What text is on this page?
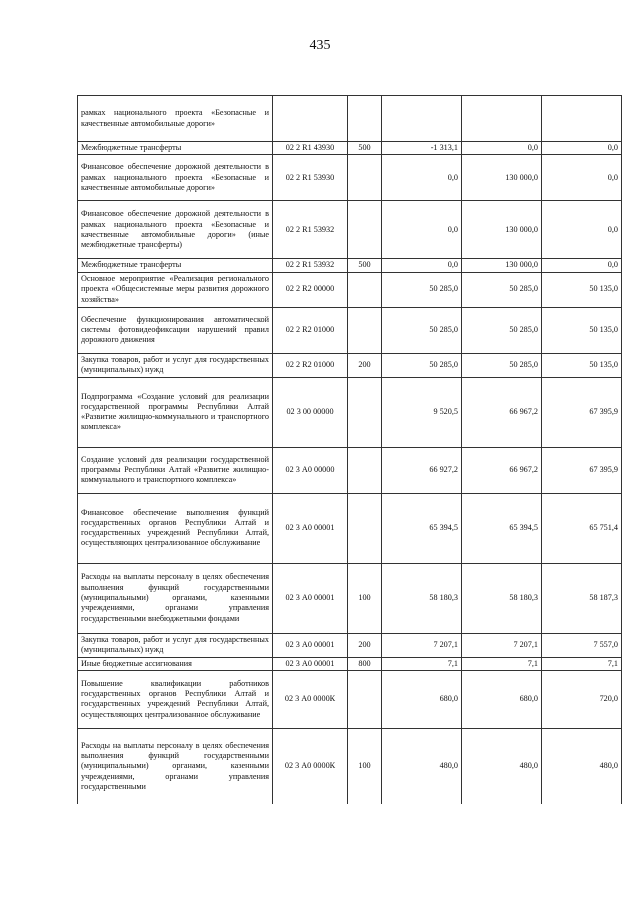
435
рамках национального проекта «Безопасные и качественные автомобильные дороги»					
Межбюджетные трансферты	02 2 R1 43930	500	-1 313,1	0,0	0,0
Финансовое обеспечение дорожной деятельности в рамках национального проекта «Безопасные и качественные автомобильные дороги»	02 2 R1 53930		0,0	130 000,0	0,0
Финансовое обеспечение дорожной деятельности в рамках национального проекта «Безопасные и качественные автомобильные дороги» (иные межбюджетные трансферты)	02 2 R1 53932		0,0	130 000,0	0,0
Межбюджетные трансферты	02 2 R1 53932	500	0,0	130 000,0	0,0
Основное мероприятие «Реализация регионального проекта «Общесистемные меры развития дорожного хозяйства»	02 2 R2 00000		50 285,0	50 285,0	50 135,0
Обеспечение функционирования автоматической системы фотовидеофиксации нарушений правил дорожного движения	02 2 R2 01000		50 285,0	50 285,0	50 135,0
Закупка товаров, работ и услуг для государственных (муниципальных) нужд	02 2 R2 01000	200	50 285,0	50 285,0	50 135,0
Подпрограмма «Создание условий для реализации государственной программы Республики Алтай «Развитие жилищно-коммунального и транспортного комплекса»	02 3 00 00000		9 520,5	66 967,2	67 395,9
Создание условий для реализации государственной программы Республики Алтай «Развитие жилищно-коммунального и транспортного комплекса»	02 3 А0 00000		66 927,2	66 967,2	67 395,9
Финансовое обеспечение выполнения функций государственных органов Республики Алтай и государственных учреждений Республики Алтай, осуществляющих централизованное обслуживание	02 3 А0 00001		65 394,5	65 394,5	65 751,4
Расходы на выплаты персоналу в целях обеспечения выполнения функций государственными (муниципальными) органами, казенными учреждениями, органами управления государственными внебюджетными фондами	02 3 А0 00001	100	58 180,3	58 180,3	58 187,3
Закупка товаров, работ и услуг для государственных (муниципальных) нужд	02 3 А0 00001	200	7 207,1	7 207,1	7 557,0
Иные бюджетные ассигнования	02 3 А0 00001	800	7,1	7,1	7,1
Повышение квалификации работников государственных органов Республики Алтай и государственных учреждений Республики Алтай, осуществляющих централизованное обслуживание	02 3 А0 0000К		680,0	680,0	720,0
Расходы на выплаты персоналу в целях обеспечения выполнения функций государственными (муниципальными) органами, казенными учреждениями, органами управления государственными	02 3 А0 0000К	100	480,0	480,0	480,0
